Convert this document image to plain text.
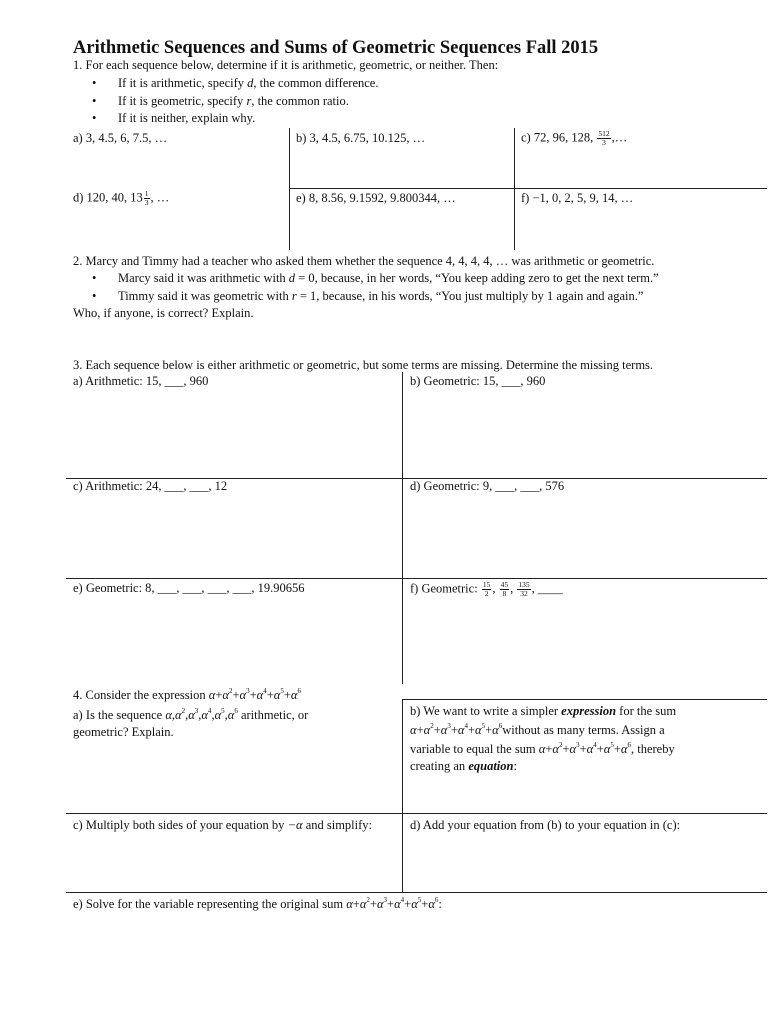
Arithmetic Sequences and Sums of Geometric Sequences Fall 2015
1. For each sequence below, determine if it is arithmetic, geometric, or neither. Then:
• If it is arithmetic, specify d, the common difference.
• If it is geometric, specify r, the common ratio.
• If it is neither, explain why.
a) 3, 4.5, 6, 7.5, …	b) 3, 4.5, 6.75, 10.125, …	c) 72, 96, 128, $\frac{512}{3}$ ,…
d) 120, 40, $13 \frac{1}{3}$ , …	e) 8, 8.56, 9.1592, 9.800344, …	f) −1, 0, 2, 5, 9, 14, …
2. Marcy and Timmy had a teacher who asked them whether the sequence 4, 4, 4, 4, … was arithmetic or geometric.
• Marcy said it was arithmetic with d = 0, because, in her words, “You keep adding zero to get the next term.”
• Timmy said it was geometric with r = 1, because, in his words, “You just multiply by 1 again and again.”
Who, if anyone, is correct? Explain.
3. Each sequence below is either arithmetic or geometric, but some terms are missing. Determine the missing terms.
a) Arithmetic: 15, ___, 960	b) Geometric: 15, ___, 960
c) Arithmetic: 24, ___, ___, 12	d) Geometric: 9, ___, ___, 576
e) Geometric: 8, ___, ___, ___, ___, 19.90656	f) Geometric: $\frac{15}{2}$ , $\frac{45}{8}$ , $\frac{135}{32}$ , ____
4. Consider the expression $\alpha+\alpha^2+\alpha^3+\alpha^4+\alpha^5+\alpha^6$
a) Is the sequence $\alpha,\alpha^2,\alpha^3,\alpha^4,\alpha^5,\alpha^6$ arithmetic, or
geometric? Explain.
b) We want to write a simpler expression for the sum
$\alpha+\alpha^2+\alpha^3+\alpha^4+\alpha^5+\alpha^6without$ as many terms. Assign a
variable to equal the sum $\alpha+\alpha^2+\alpha^3+\alpha^4+\alpha^5+\alpha^6$, thereby
creating an equation:
c) Multiply both sides of your equation by −α and simplify:	d) Add your equation from (b) to your equation in (c):
e) Solve for the variable representing the original sum $\alpha+\alpha^2+\alpha^3+\alpha^4+\alpha^5+\alpha^6$:
